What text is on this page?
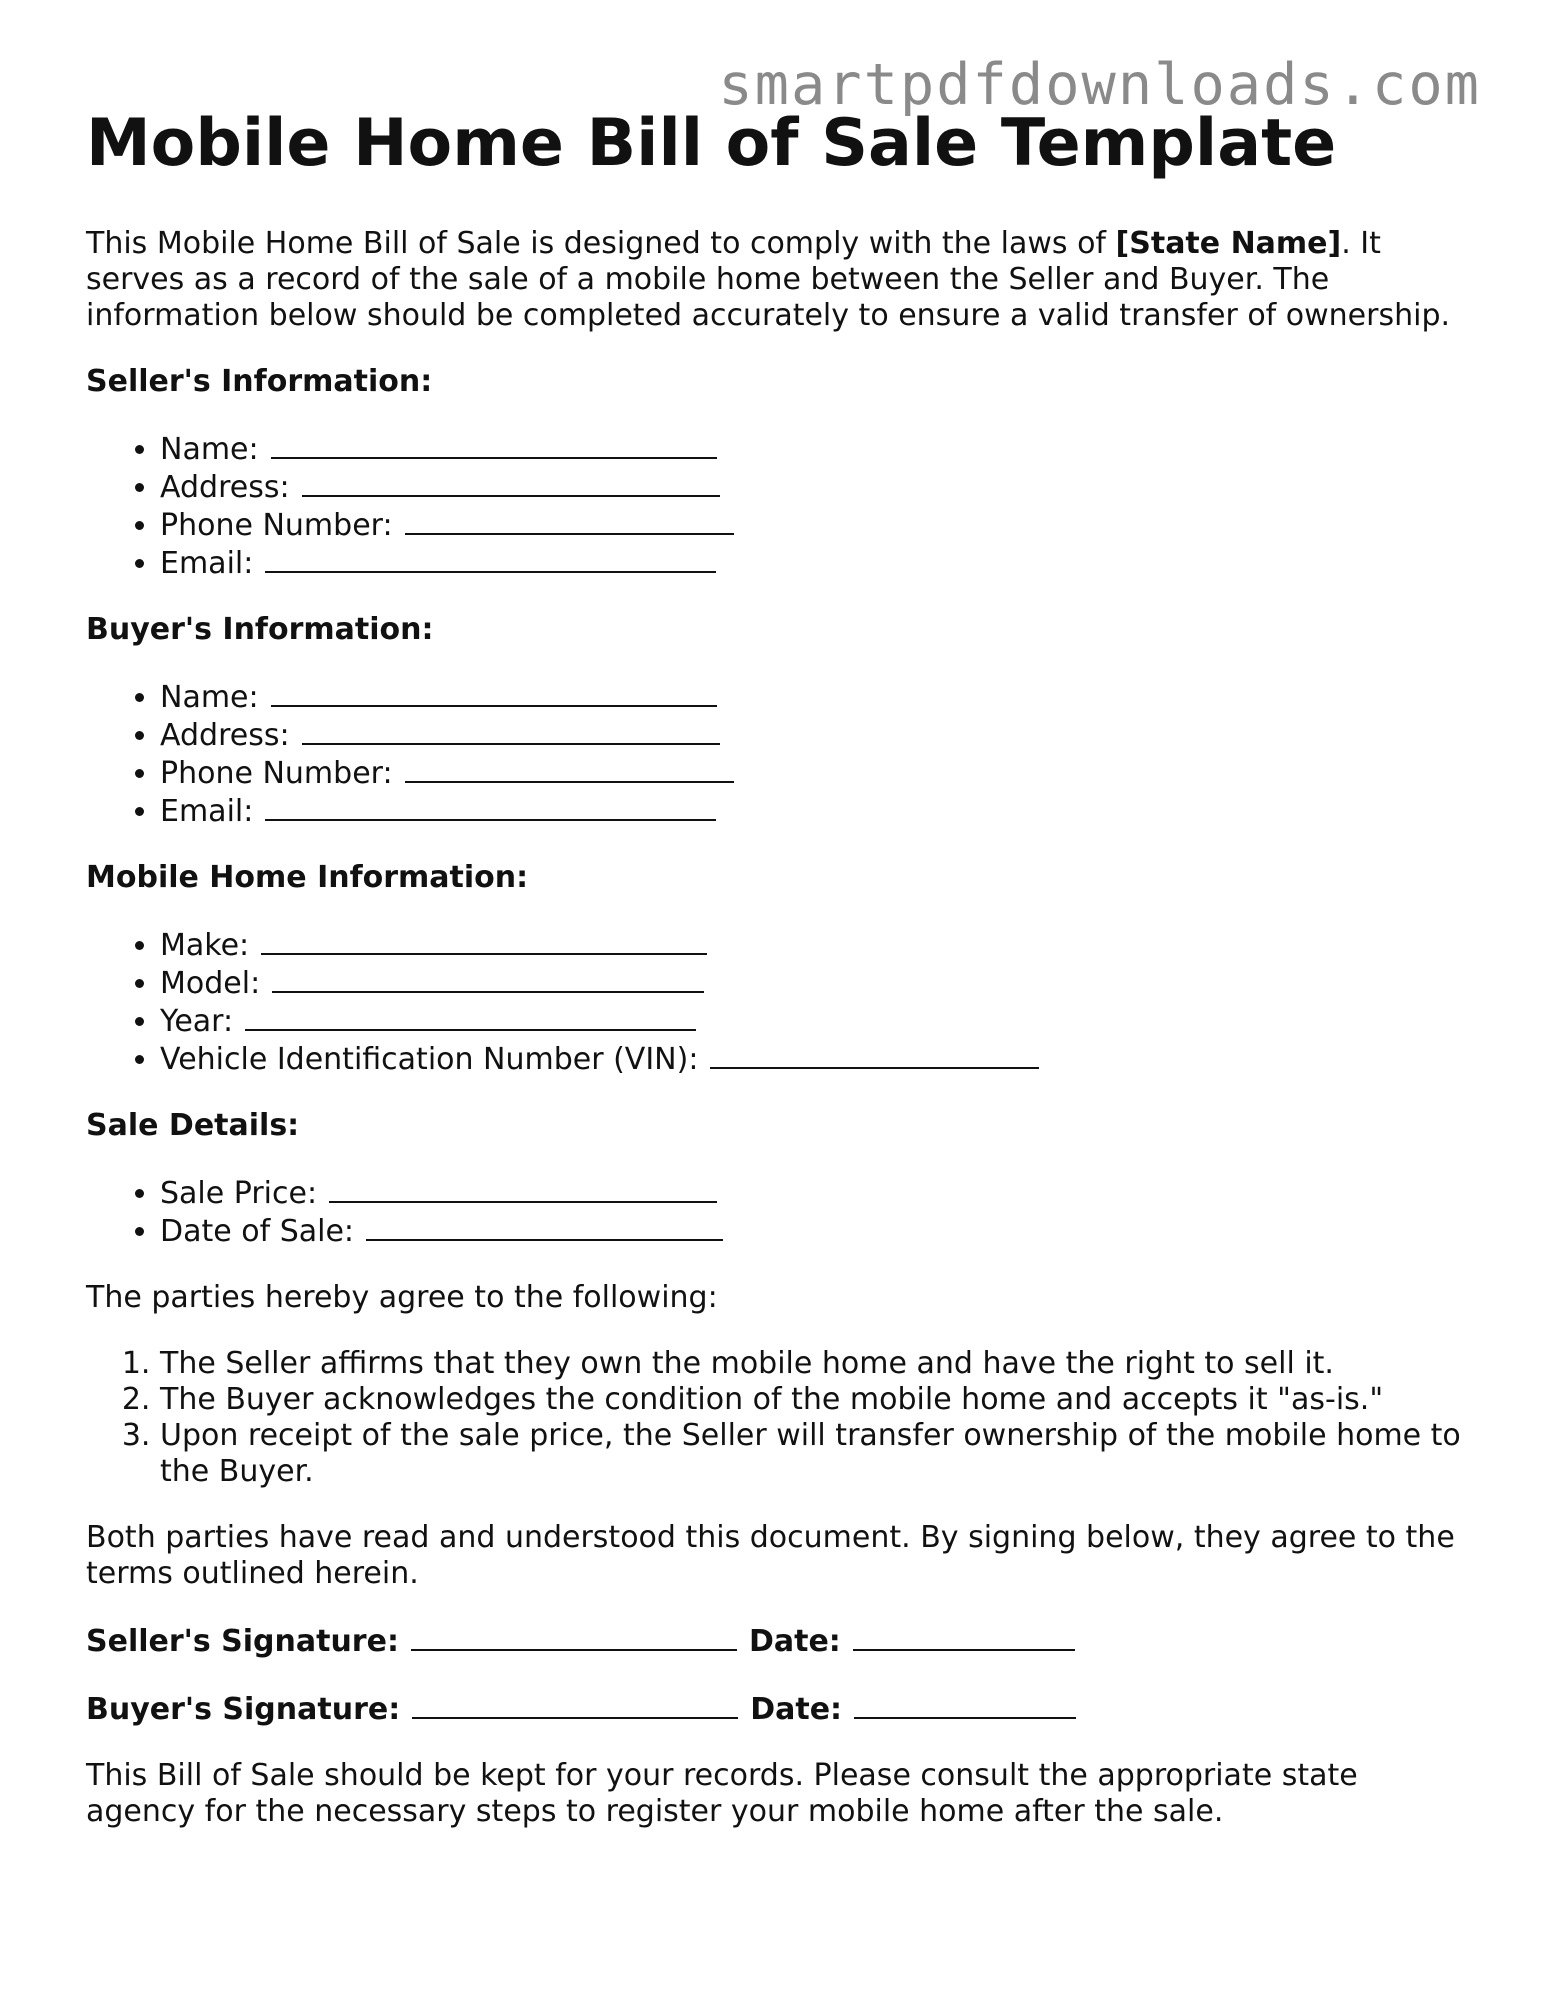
smartpdfdownloads.com
Mobile Home Bill of Sale Template

This Mobile Home Bill of Sale is designed to comply with the laws of [State Name]. It serves as a record of the sale of a mobile home between the Seller and Buyer. The information below should be completed accurately to ensure a valid transfer of ownership.

Seller's Information:

• Name:
• Address:
• Phone Number:
• Email:

Buyer's Information:

• Name:
• Address:
• Phone Number:
• Email:

Mobile Home Information:

• Make:
• Model:
• Year:
• Vehicle Identification Number (VIN):

Sale Details:

• Sale Price:
• Date of Sale:

The parties hereby agree to the following:

1. The Seller affirms that they own the mobile home and have the right to sell it.
2. The Buyer acknowledges the condition of the mobile home and accepts it "as-is."
3. Upon receipt of the sale price, the Seller will transfer ownership of the mobile home to the Buyer.

Both parties have read and understood this document. By signing below, they agree to the terms outlined herein.

Seller's Signature:	Date:

Buyer's Signature:	Date:

This Bill of Sale should be kept for your records. Please consult the appropriate state agency for the necessary steps to register your mobile home after the sale.
